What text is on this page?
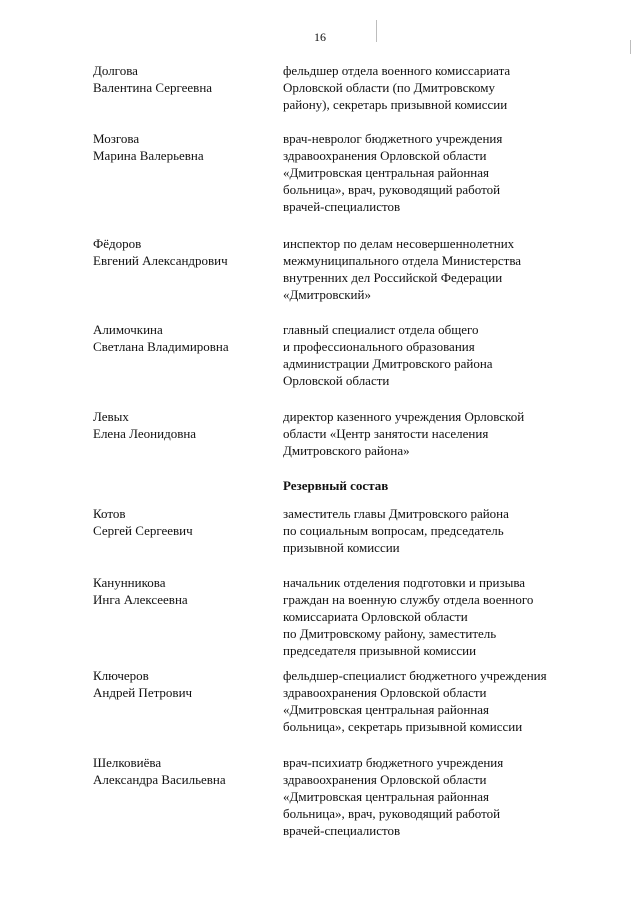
16
Долгова
Валентина Сергеевна
фельдшер отдела военного комиссариата
Орловской области (по Дмитровскому
району), секретарь призывной комиссии
Мозгова
Марина Валерьевна
врач-невролог бюджетного учреждения
здравоохранения Орловской области
«Дмитровская центральная районная
больница», врач, руководящий работой
врачей-специалистов
Фёдоров
Евгений Александрович
инспектор по делам несовершеннолетних
межмуниципального отдела Министерства
внутренних дел Российской Федерации
«Дмитровский»
Алимочкина
Светлана Владимировна
главный специалист отдела общего
и профессионального образования
администрации Дмитровского района
Орловской области
Левых
Елена Леонидовна
директор казенного учреждения Орловской
области «Центр занятости населения
Дмитровского района»
Резервный состав
Котов
Сергей Сергеевич
заместитель главы Дмитровского района
по социальным вопросам, председатель
призывной комиссии
Канунникова
Инга Алексеевна
начальник отделения подготовки и призыва
граждан на военную службу отдела военного
комиссариата Орловской области
по Дмитровскому району, заместитель
председателя призывной комиссии
Ключеров
Андрей Петрович
фельдшер-специалист бюджетного учреждения
здравоохранения Орловской области
«Дмитровская центральная районная
больница», секретарь призывной комиссии
Шелковиёва
Александра Васильевна
врач-психиатр бюджетного учреждения
здравоохранения Орловской области
«Дмитровская центральная районная
больница», врач, руководящий работой
врачей-специалистов
